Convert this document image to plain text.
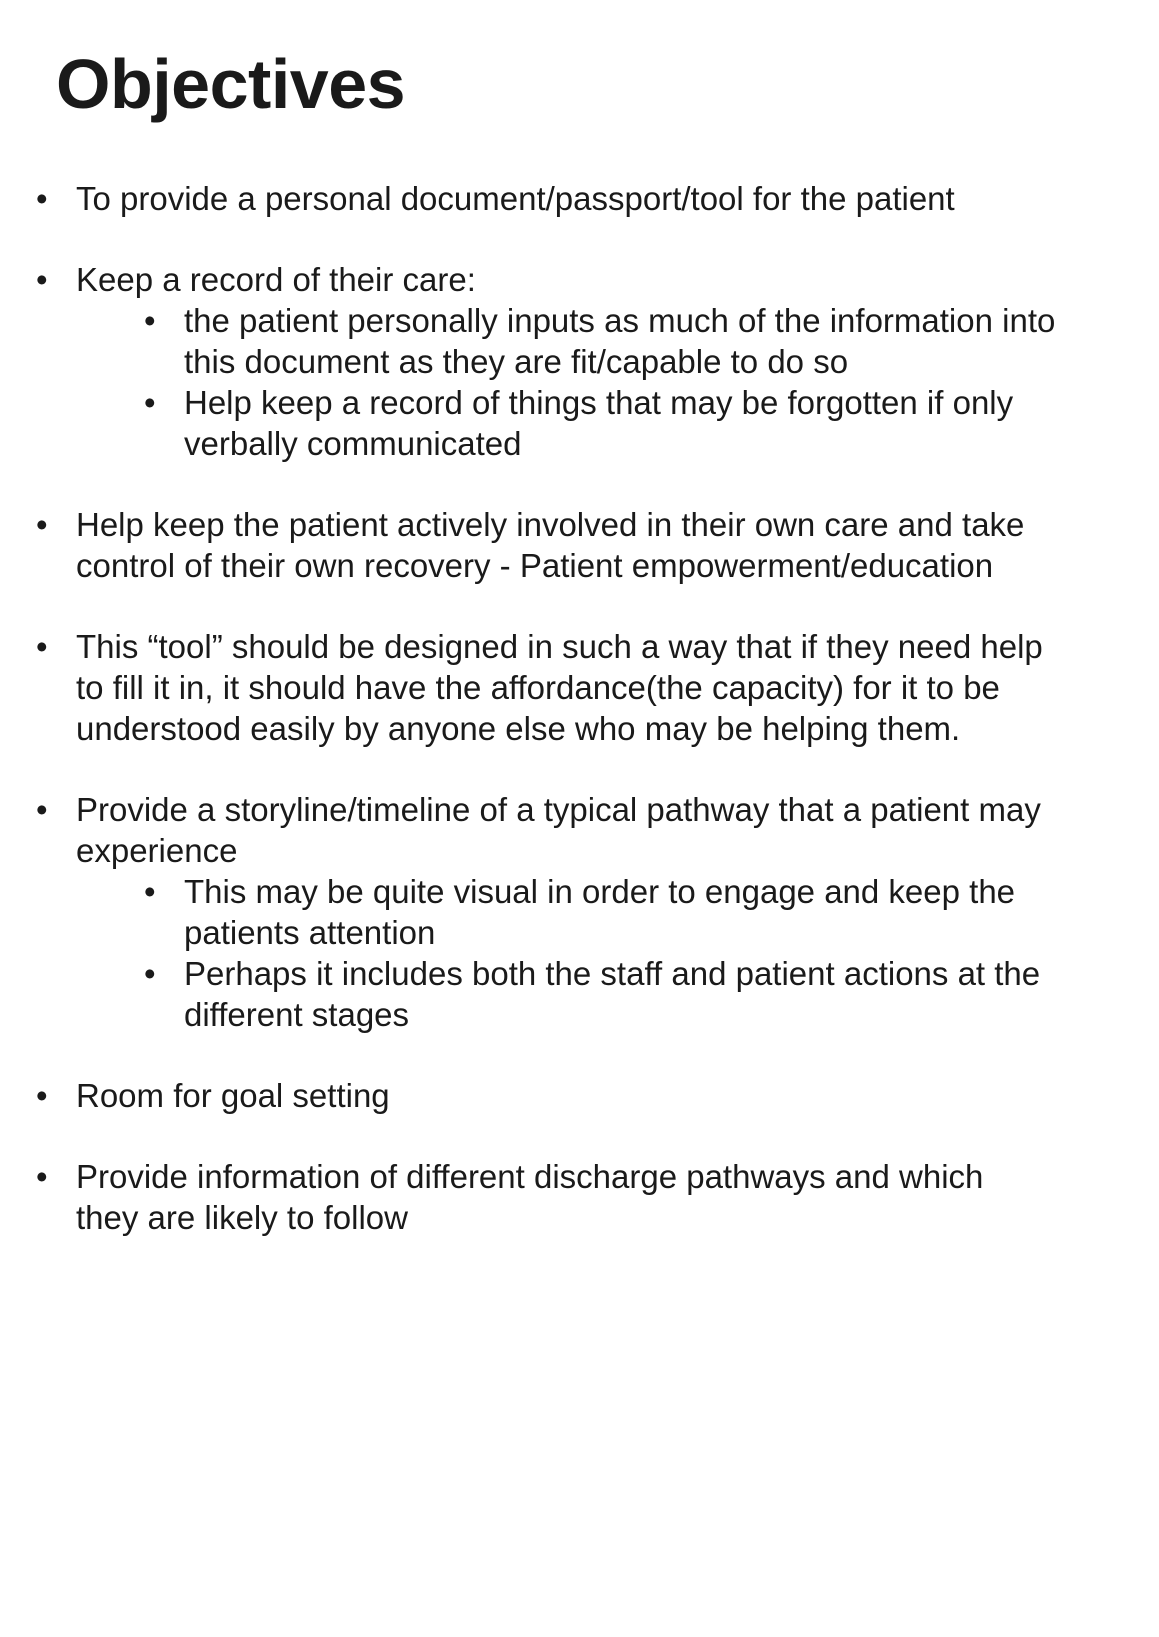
Objectives
• To provide a personal document/passport/tool for the patient
• Keep a record of their care:
• the patient personally inputs as much of the information into
this document as they are fit/capable to do so
• Help keep a record of things that may be forgotten if only
verbally communicated
• Help keep the patient actively involved in their own care and take
control of their own recovery - Patient empowerment/education
• This “tool” should be designed in such a way that if they need help
to fill it in, it should have the affordance(the capacity) for it to be
understood easily by anyone else who may be helping them.
• Provide a storyline/timeline of a typical pathway that a patient may
experience
• This may be quite visual in order to engage and keep the
patients attention
• Perhaps it includes both the staff and patient actions at the
different stages
• Room for goal setting
• Provide information of different discharge pathways and which
they are likely to follow
